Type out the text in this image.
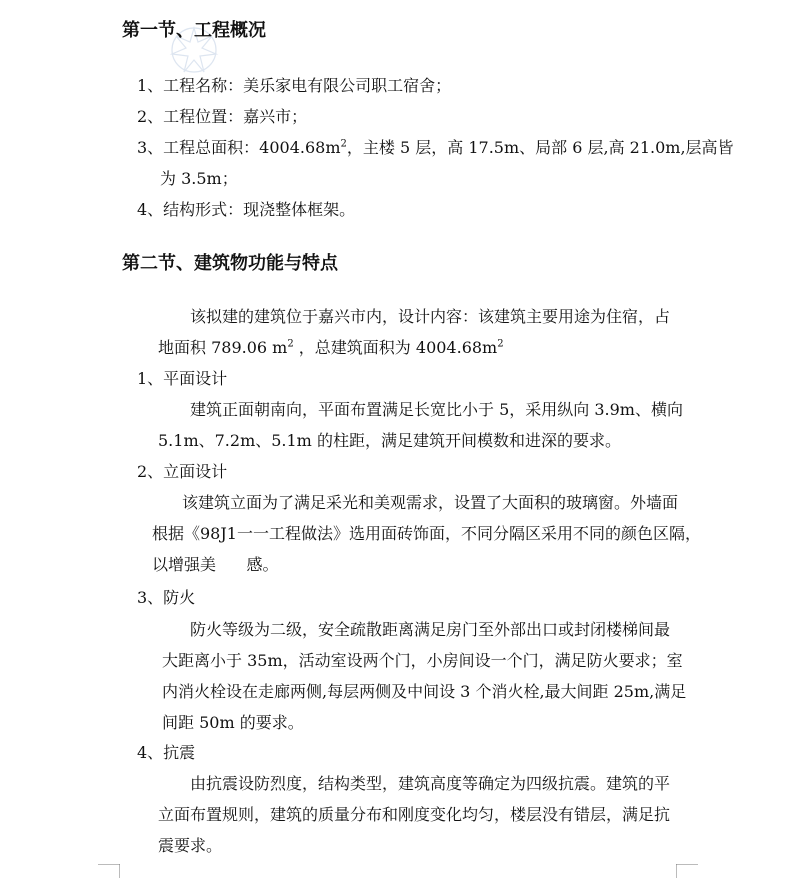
第一节、工程概况
1、工程名称：美乐家电有限公司职工宿舍；
2、工程位置：嘉兴市；
3、工程总面积：$4004.68m^2$，主楼 5 层，高 17.5m、局部 6 层,高 21.0m,层高皆
为 3.5m；
4、结构形式：现浇整体框架。
第二节、建筑物功能与特点
该拟建的建筑位于嘉兴市内，设计内容：该建筑主要用途为住宿，占
地面积 789.06 $m^2$ ，总建筑面积为 $4004.68m^2$
1、平面设计
建筑正面朝南向，平面布置满足长宽比小于 5，采用纵向 3.9m、横向
5.1m、7.2m、5.1m 的柱距，满足建筑开间模数和进深的要求。
2、立面设计
该建筑立面为了满足采光和美观需求，设置了大面积的玻璃窗。外墙面
根据《98J1一一工程做法》选用面砖饰面，不同分隔区采用不同的颜色区隔，
以增强美      感。
3、防火
防火等级为二级，安全疏散距离满足房门至外部出口或封闭楼梯间最
大距离小于 35m，活动室设两个门，小房间设一个门，满足防火要求；室
内消火栓设在走廊两侧,每层两侧及中间设 3 个消火栓,最大间距 25m,满足
间距 50m 的要求。
4、抗震
由抗震设防烈度，结构类型，建筑高度等确定为四级抗震。建筑的平
立面布置规则，建筑的质量分布和刚度变化均匀，楼层没有错层，满足抗
震要求。
